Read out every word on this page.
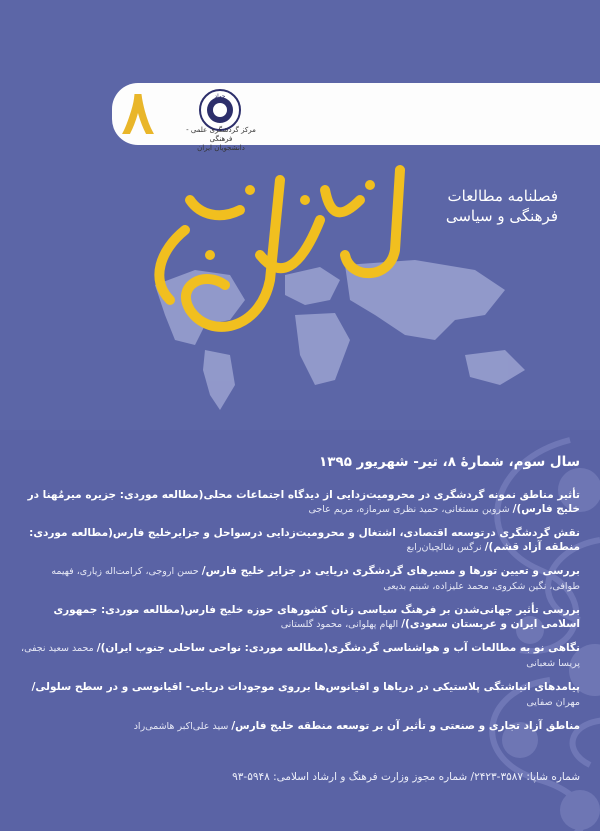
۸	جهاد
مرکز گردشگری علمی - فرهنگی
دانشجویان ایران
فصلنامه مطالعات
فرهنگی و سیاسی
خلیج فارس
سال سوم، شمارۀ ۸، تیر- شهریور ۱۳۹۵
تأثیر مناطق نمونه گردشگری در محرومیت‌زدایی از دیدگاه اجتماعات محلی(مطالعه موردی: جزیره میرمُهنا در خلیج فارس)/ شروین مستغانی، حمید نظری سرمازه، مریم عاجی
نقش گردشگری درتوسعه اقتصادی، اشتغال و محرومیت‌زدایی درسواحل و جزایرخلیج فارس(مطالعه موردی: منطقه آزاد قشم)/ نرگس شالچیان‌رابع
بررسی و تعیین تورها و مسیرهای گردشگری دریایی در جزایر خلیج فارس/ حسن اروجی، کرامت‌اله زیاری، فهیمه طوافی، نگین شکروی، محمد علیزاده، شبنم بدیعی
بررسی تأثیر جهانی‌شدن بر فرهنگ سیاسی زنان کشورهای حوزه خلیج فارس(مطالعه موردی: جمهوری اسلامی ایران و عربستان سعودی)/ الهام پهلوانی، محمود گلستانی
نگاهی نو به مطالعات آب و هواشناسی گردشگری(مطالعه موردی: نواحی ساحلی جنوب ایران)/ محمد سعید نجفی، پریسا شعبانی
پیامدهای انباشتگی پلاستیکی در دریاها و اقیانوس‌ها برروی موجودات دریایی- اقیانوسی و در سطح سلولی/ مهران صفایی
مناطق آزاد تجاری و صنعتی و تأثیر آن بر توسعه منطقه خلیج فارس/ سید علی‌اکبر هاشمی‌راد
شماره شاپا: ۳۵۸۷-۲۴۲۳/ شماره مجوز وزارت فرهنگ و ارشاد اسلامی: ۵۹۴۸-۹۳
